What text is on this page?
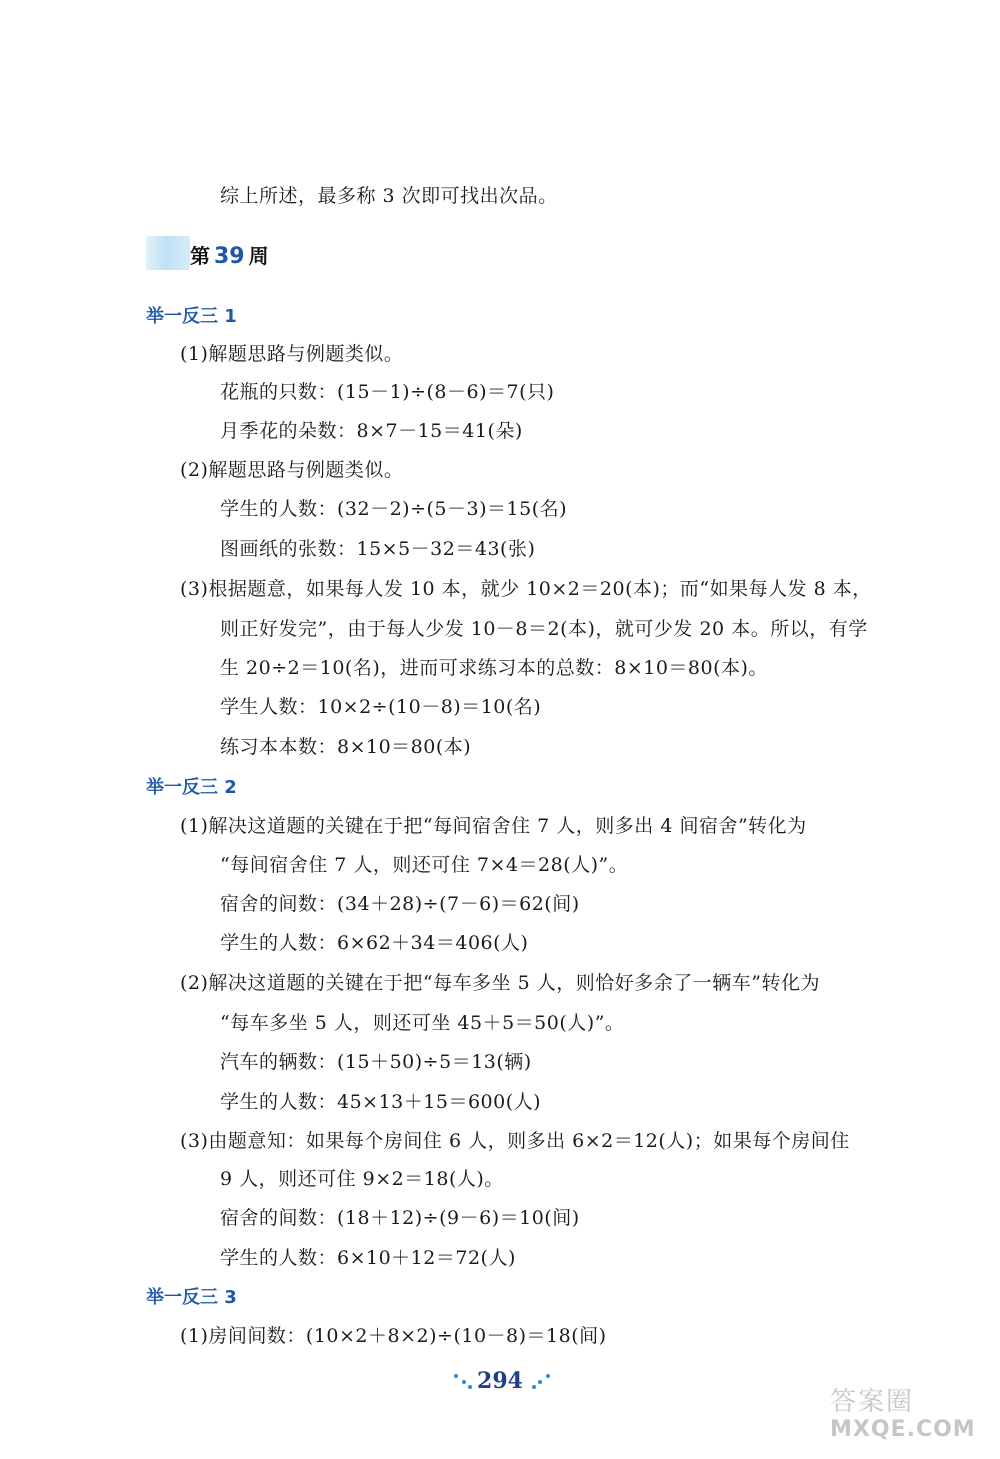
综上所述，最多称 3 次即可找出次品。
第 39 周
举一反三 1
(1)解题思路与例题类似。
花瓶的只数：(15－1)÷(8－6)＝7(只)
月季花的朵数：8×7－15＝41(朵)
(2)解题思路与例题类似。
学生的人数：(32－2)÷(5－3)＝15(名)
图画纸的张数：15×5－32＝43(张)
(3)根据题意，如果每人发 10 本，就少 10×2＝20(本)；而“如果每人发 8 本，
则正好发完”，由于每人少发 10－8＝2(本)，就可少发 20 本。所以，有学
生 20÷2＝10(名)，进而可求练习本的总数：8×10＝80(本)。
学生人数：10×2÷(10－8)＝10(名)
练习本本数：8×10＝80(本)
举一反三 2
(1)解决这道题的关键在于把“每间宿舍住 7 人，则多出 4 间宿舍”转化为
“每间宿舍住 7 人，则还可住 7×4＝28(人)”。
宿舍的间数：(34＋28)÷(7－6)＝62(间)
学生的人数：6×62＋34＝406(人)
(2)解决这道题的关键在于把“每车多坐 5 人，则恰好多余了一辆车”转化为
“每车多坐 5 人，则还可坐 45＋5＝50(人)”。
汽车的辆数：(15＋50)÷5＝13(辆)
学生的人数：45×13＋15＝600(人)
(3)由题意知：如果每个房间住 6 人，则多出 6×2＝12(人)；如果每个房间住
9 人，则还可住 9×2＝18(人)。
宿舍的间数：(18＋12)÷(9－6)＝10(间)
学生的人数：6×10＋12＝72(人)
举一反三 3
(1)房间间数：(10×2＋8×2)÷(10－8)＝18(间)
294
答案圈
MXQE.COM
